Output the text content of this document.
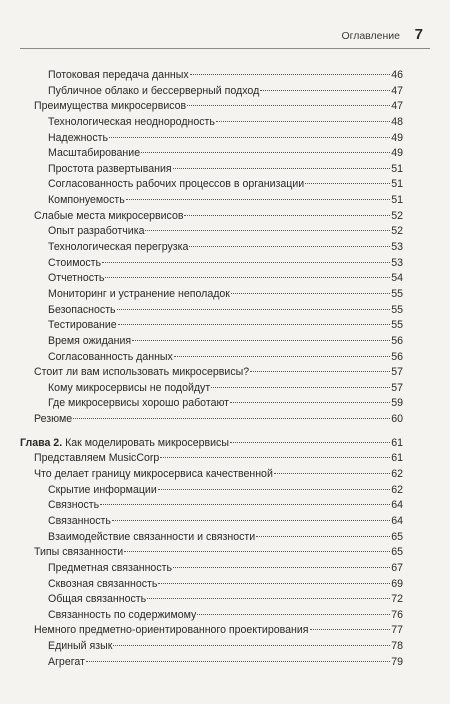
Оглавление 7
Потоковая передача данных	46
Публичное облако и бессерверный подход	47
Преимущества микросервисов	47
Технологическая неоднородность	48
Надежность	49
Масштабирование	49
Простота развертывания	51
Согласованность рабочих процессов в организации	51
Компонуемость	51
Слабые места микросервисов	52
Опыт разработчика	52
Технологическая перегрузка	53
Стоимость	53
Отчетность	54
Мониторинг и устранение неполадок	55
Безопасность	55
Тестирование	55
Время ожидания	56
Согласованность данных	56
Стоит ли вам использовать микросервисы?	57
Кому микросервисы не подойдут	57
Где микросервисы хорошо работают	59
Резюме	60
Глава 2. Как моделировать микросервисы	61
Представляем MusicCorp	61
Что делает границу микросервиса качественной	62
Скрытие информации	62
Связность	64
Связанность	64
Взаимодействие связанности и связности	65
Типы связанности	65
Предметная связанность	67
Сквозная связанность	69
Общая связанность	72
Связанность по содержимому	76
Немного предметно-ориентированного проектирования	77
Единый язык	78
Агрегат	79
